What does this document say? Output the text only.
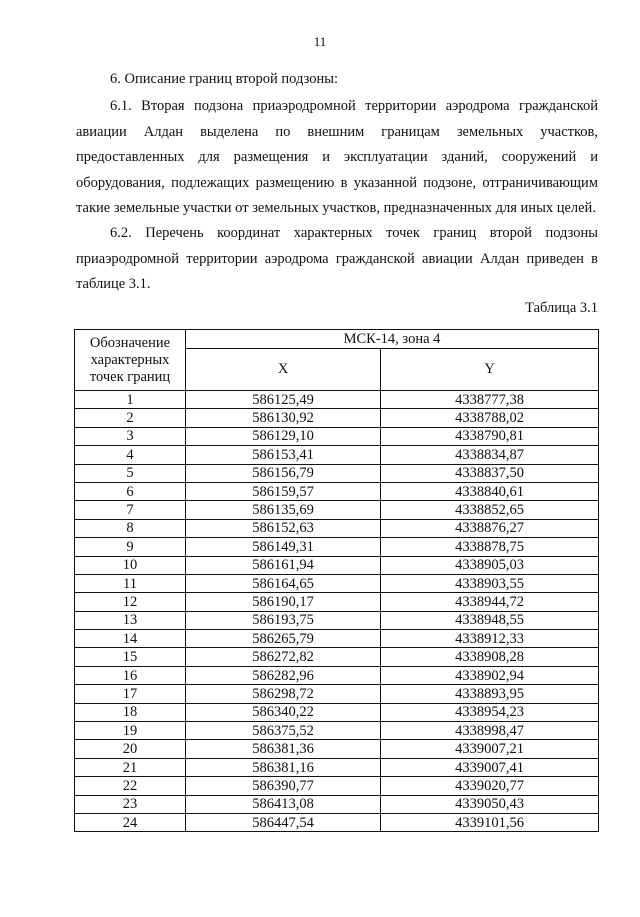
11
6. Описание границ второй подзоны:
6.1. Вторая подзона приаэродромной территории аэродрома гражданской авиации Алдан выделена по внешним границам земельных участков, предоставленных для размещения и эксплуатации зданий, сооружений и оборудования, подлежащих размещению в указанной подзоне, отграничивающим такие земельные участки от земельных участков, предназначенных для иных целей.
6.2. Перечень координат характерных точек границ второй подзоны приаэродромной территории аэродрома гражданской авиации Алдан приведен в таблице 3.1.
Таблица 3.1
Обозначение
характерных
точек границ	МСК-14, зона 4	
	X	Y
1	586125,49	4338777,38
2	586130,92	4338788,02
3	586129,10	4338790,81
4	586153,41	4338834,87
5	586156,79	4338837,50
6	586159,57	4338840,61
7	586135,69	4338852,65
8	586152,63	4338876,27
9	586149,31	4338878,75
10	586161,94	4338905,03
11	586164,65	4338903,55
12	586190,17	4338944,72
13	586193,75	4338948,55
14	586265,79	4338912,33
15	586272,82	4338908,28
16	586282,96	4338902,94
17	586298,72	4338893,95
18	586340,22	4338954,23
19	586375,52	4338998,47
20	586381,36	4339007,21
21	586381,16	4339007,41
22	586390,77	4339020,77
23	586413,08	4339050,43
24	586447,54	4339101,56
